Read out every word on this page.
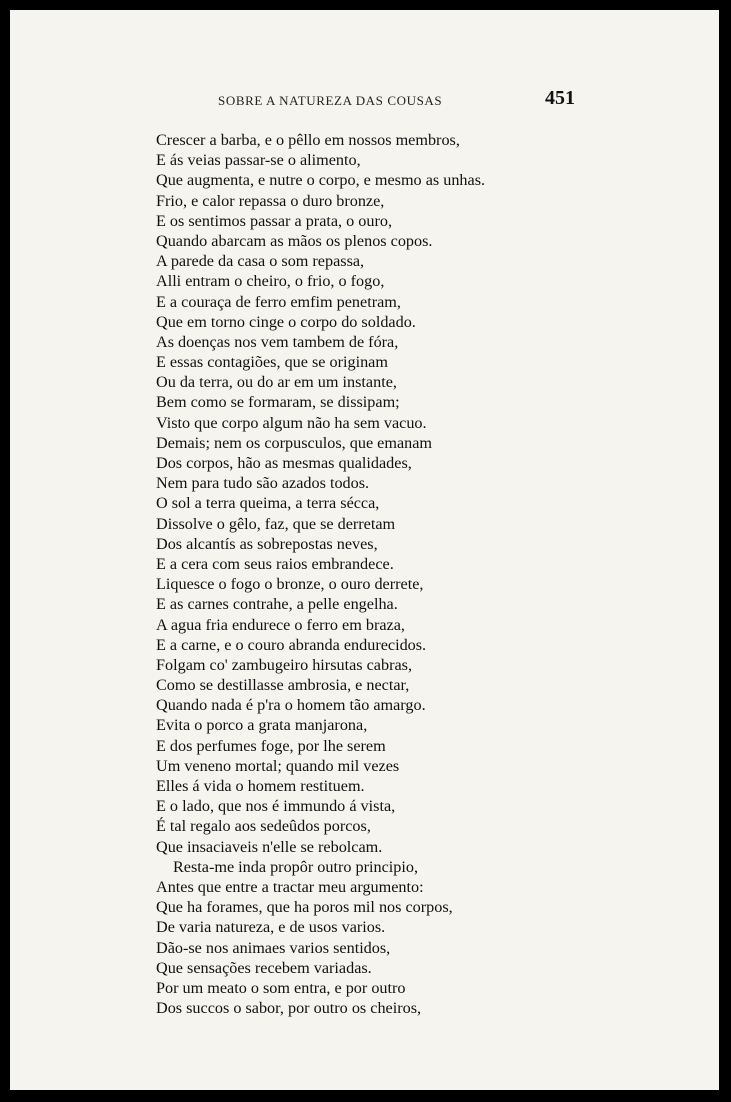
SOBRE A NATUREZA DAS COUSAS	451
Crescer a barba, e o pêllo em nossos membros,
E ás veias passar-se o alimento,
Que augmenta, e nutre o corpo, e mesmo as unhas.
Frio, e calor repassa o duro bronze,
E os sentimos passar a prata, o ouro,
Quando abarcam as mãos os plenos copos.
A parede da casa o som repassa,
Alli entram o cheiro, o frio, o fogo,
E a couraça de ferro emfim penetram,
Que em torno cinge o corpo do soldado.
As doenças nos vem tambem de fóra,
E essas contagiões, que se originam
Ou da terra, ou do ar em um instante,
Bem como se formaram, se dissipam;
Visto que corpo algum não ha sem vacuo.
Demais; nem os corpusculos, que emanam
Dos corpos, hão as mesmas qualidades,
Nem para tudo são azados todos.
O sol a terra queima, a terra sécca,
Dissolve o gêlo, faz, que se derretam
Dos alcantís as sobrepostas neves,
E a cera com seus raios embrandece.
Liquesce o fogo o bronze, o ouro derrete,
E as carnes contrahe, a pelle engelha.
A agua fria endurece o ferro em braza,
E a carne, e o couro abranda endurecidos.
Folgam co' zambugeiro hirsutas cabras,
Como se destillasse ambrosia, e nectar,
Quando nada é p'ra o homem tão amargo.
Evita o porco a grata manjarona,
E dos perfumes foge, por lhe serem
Um veneno mortal; quando mil vezes
Elles á vida o homem restituem.
E o lado, que nos é immundo á vista,
É tal regalo aos sedeûdos porcos,
Que insaciaveis n'elle se rebolcam.
Resta-me inda propôr outro principio,
Antes que entre a tractar meu argumento:
Que ha forames, que ha poros mil nos corpos,
De varia natureza, e de usos varios.
Dão-se nos animaes varios sentidos,
Que sensações recebem variadas.
Por um meato o som entra, e por outro
Dos succos o sabor, por outro os cheiros,
